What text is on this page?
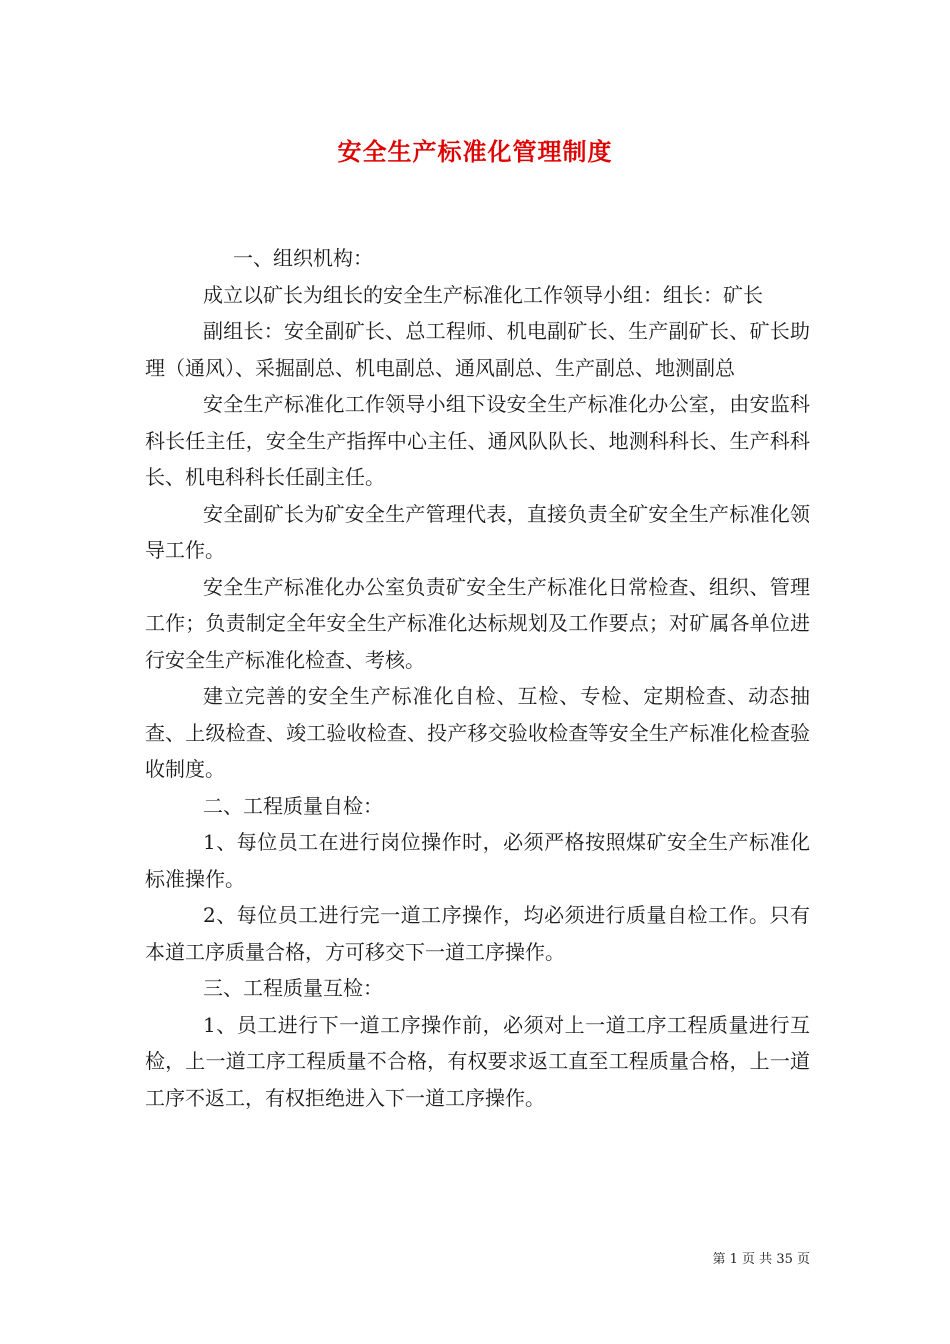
安全生产标准化管理制度

一、组织机构：

成立以矿长为组长的安全生产标准化工作领导小组：组长：矿长

副组长：安全副矿长、总工程师、机电副矿长、生产副矿长、矿长助理（通风）、采掘副总、机电副总、通风副总、生产副总、地测副总

安全生产标准化工作领导小组下设安全生产标准化办公室，由安监科科长任主任，安全生产指挥中心主任、通风队队长、地测科科长、生产科科长、机电科科长任副主任。

安全副矿长为矿安全生产管理代表，直接负责全矿安全生产标准化领导工作。

安全生产标准化办公室负责矿安全生产标准化日常检查、组织、管理工作；负责制定全年安全生产标准化达标规划及工作要点；对矿属各单位进行安全生产标准化检查、考核。

建立完善的安全生产标准化自检、互检、专检、定期检查、动态抽查、上级检查、竣工验收检查、投产移交验收检查等安全生产标准化检查验收制度。

二、工程质量自检：

1、每位员工在进行岗位操作时，必须严格按照煤矿安全生产标准化标准操作。

2、每位员工进行完一道工序操作，均必须进行质量自检工作。只有本道工序质量合格，方可移交下一道工序操作。

三、工程质量互检：

1、员工进行下一道工序操作前，必须对上一道工序工程质量进行互检，上一道工序工程质量不合格，有权要求返工直至工程质量合格，上一道工序不返工，有权拒绝进入下一道工序操作。

第 1 页 共 35 页
